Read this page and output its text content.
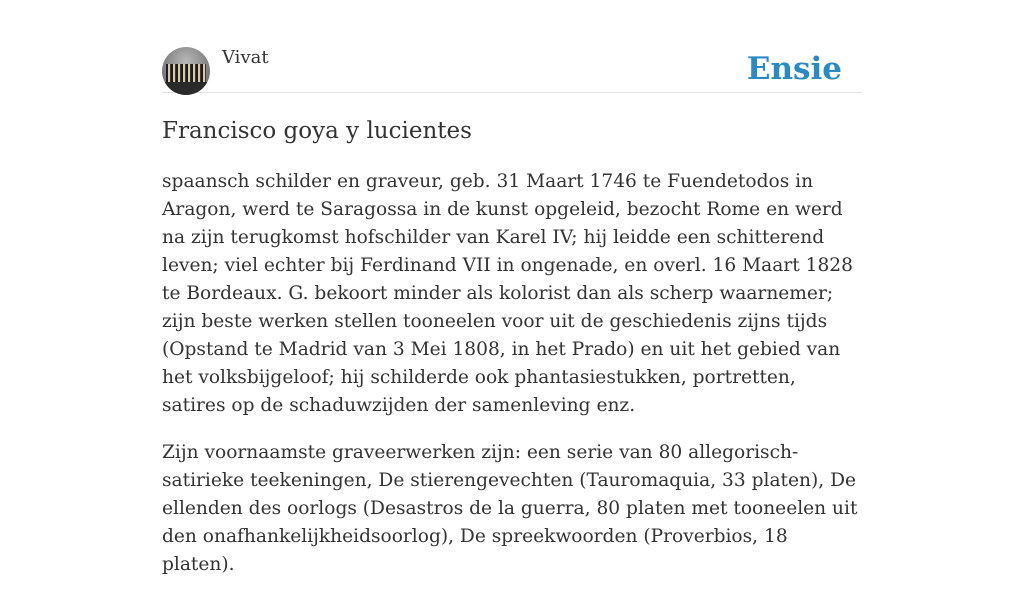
Vivat	Ensie
Francisco goya y lucientes

spaansch schilder en graveur, geb. 31 Maart 1746 te Fuendetodos in Aragon, werd te Saragossa in de kunst opgeleid, bezocht Rome en werd na zijn terugkomst hofschilder van Karel IV; hij leidde een schitterend leven; viel echter bij Ferdinand VII in ongenade, en overl. 16 Maart 1828 te Bordeaux. G. bekoort minder als kolorist dan als scherp waarnemer; zijn beste werken stellen tooneelen voor uit de geschiedenis zijns tijds (Opstand te Madrid van 3 Mei 1808, in het Prado) en uit het gebied van het volksbijgeloof; hij schilderde ook phantasiestukken, portretten, satires op de schaduwzijden der samenleving enz.

Zijn voornaamste graveerwerken zijn: een serie van 80 allegorisch-satirieke teekeningen, De stierengevechten (Tauromaquia, 33 platen), De ellenden des oorlogs (Desastros de la guerra, 80 platen met tooneelen uit den onafhankelijkheidsoorlog), De spreekwoorden (Proverbios, 18 platen).
